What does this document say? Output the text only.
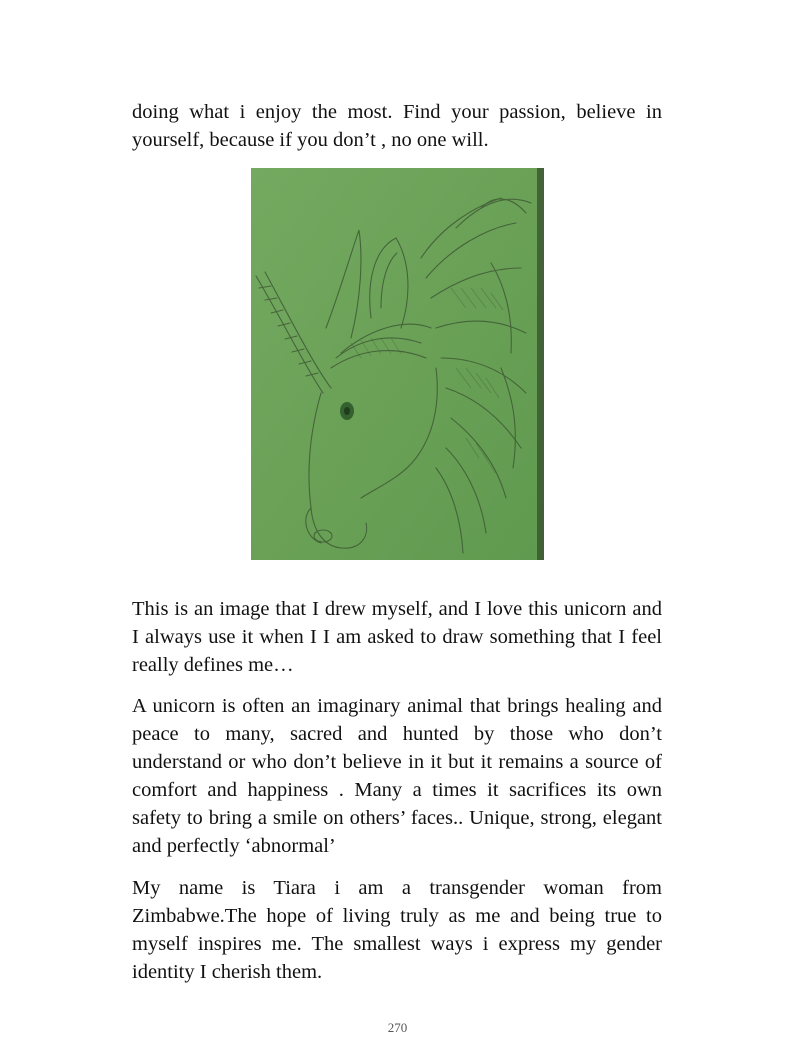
doing what i enjoy the most. Find your passion, believe in yourself, because if you don’t , no one will.

This is an image that I drew myself, and I love this unicorn and I always use it when I I am asked to draw something that I feel really defines me…

A unicorn is often an imaginary animal that brings healing and peace to many, sacred and hunted by those who don’t understand or who don’t believe in it but it remains a source of comfort and happiness . Many a times it sacrifices its own safety to bring a smile on others’ faces.. Unique, strong, elegant and perfectly ‘abnormal’

My name is Tiara i am a transgender woman from Zimbabwe.The hope of living truly as me and being true to myself inspires me. The smallest ways i express my gender identity I cherish them.

270
